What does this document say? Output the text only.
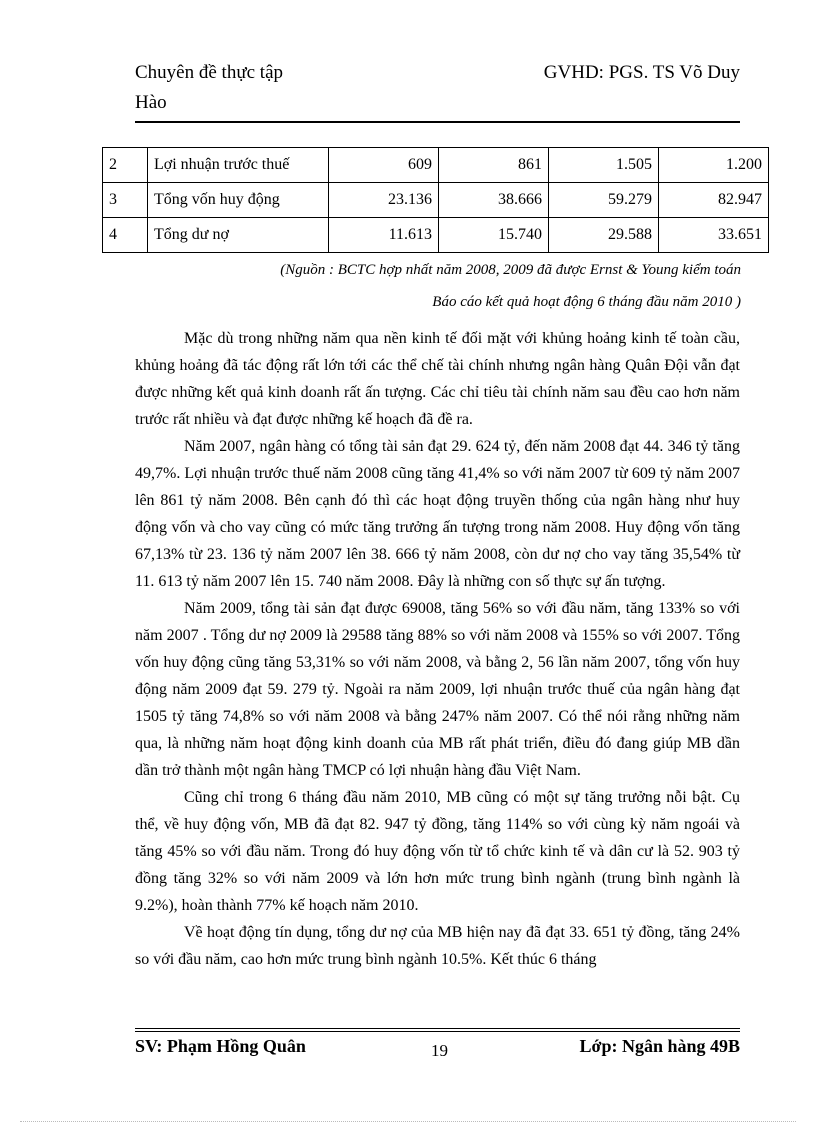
Chuyên đề thực tập	GVHD: PGS. TS Võ Duy
Hào
2	Lợi nhuận trước thuế	609	861	1.505	1.200
3	Tổng vốn huy động	23.136	38.666	59.279	82.947
4	Tổng dư nợ	11.613	15.740	29.588	33.651
(Nguồn : BCTC hợp nhất năm 2008, 2009 đã được Ernst & Young kiểm toán
Báo cáo kết quả hoạt động 6 tháng đầu năm 2010 )

Mặc dù trong những năm qua nền kinh tế đối mặt với khủng hoảng kinh tế toàn cầu, khủng hoảng đã tác động rất lớn tới các thể chế tài chính nhưng ngân hàng Quân Đội vẫn đạt được những kết quả kinh doanh rất ấn tượng. Các chỉ tiêu tài chính năm sau đều cao hơn năm trước rất nhiều và đạt được những kế hoạch đã đề ra.

Năm 2007, ngân hàng có tổng tài sản đạt 29. 624 tỷ, đến năm 2008 đạt 44. 346 tỷ tăng 49,7%. Lợi nhuận trước thuế năm 2008 cũng tăng 41,4% so với năm 2007 từ 609 tỷ năm 2007 lên 861 tỷ năm 2008. Bên cạnh đó thì các hoạt động truyền thống của ngân hàng như huy động vốn và cho vay cũng có mức tăng trưởng ấn tượng trong năm 2008. Huy động vốn tăng 67,13% từ 23. 136 tỷ năm 2007 lên 38. 666 tỷ năm 2008, còn dư nợ cho vay tăng 35,54% từ 11. 613 tỷ năm 2007 lên 15. 740 năm 2008. Đây là những con số thực sự ấn tượng.

Năm 2009, tổng tài sản đạt được 69008, tăng 56% so với đầu năm, tăng 133% so với năm 2007 . Tổng dư nợ 2009 là 29588 tăng 88% so với năm 2008 và 155% so với 2007. Tổng vốn huy động cũng tăng 53,31% so với năm 2008, và bằng 2, 56 lần năm 2007, tổng vốn huy động năm 2009 đạt 59. 279 tỷ. Ngoài ra năm 2009, lợi nhuận trước thuế của ngân hàng đạt 1505 tỷ tăng 74,8% so với năm 2008 và bằng 247% năm 2007. Có thể nói rằng những năm qua, là những năm hoạt động kinh doanh của MB rất phát triển, điều đó đang giúp MB dần dần trở thành một ngân hàng TMCP có lợi nhuận hàng đầu Việt Nam.

Cũng chỉ trong 6 tháng đầu năm 2010, MB cũng có một sự tăng trưởng nỗi bật. Cụ thể, về huy động vốn, MB đã đạt 82. 947 tỷ đồng, tăng 114% so với cùng kỳ năm ngoái và tăng 45% so với đầu năm. Trong đó huy động vốn từ tổ chức kinh tế và dân cư là 52. 903 tỷ đồng tăng 32% so với năm 2009 và lớn hơn mức trung bình ngành (trung bình ngành là 9.2%), hoàn thành 77% kế hoạch năm 2010.

Về hoạt động tín dụng, tổng dư nợ của MB hiện nay đã đạt 33. 651 tỷ đồng, tăng 24% so với đầu năm, cao hơn mức trung bình ngành 10.5%. Kết thúc 6 tháng

SV: Phạm Hồng Quân	19	Lớp: Ngân hàng 49B
